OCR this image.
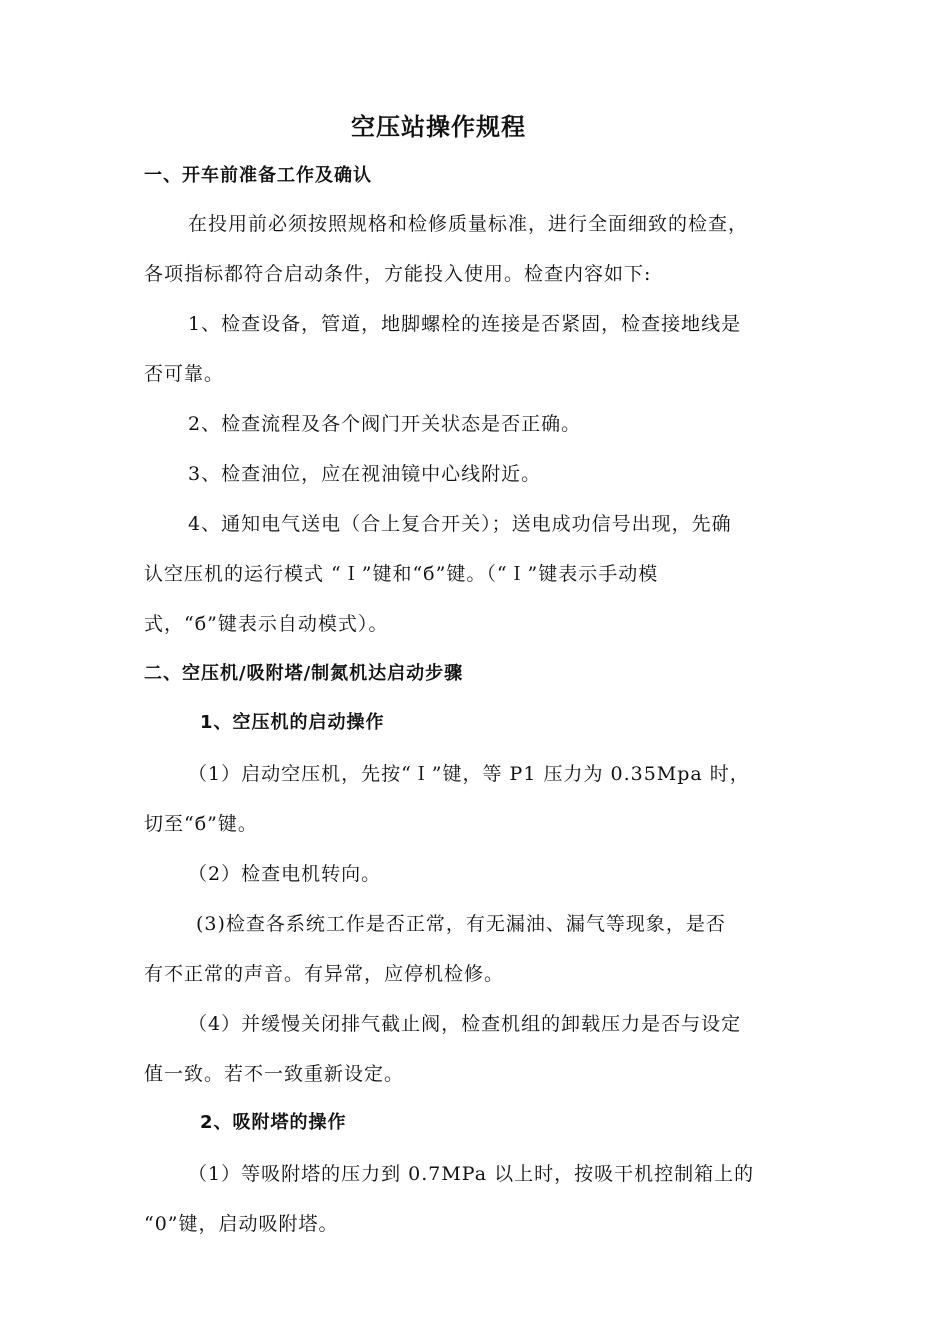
空压站操作规程
一、开车前准备工作及确认
在投用前必须按照规格和检修质量标准，进行全面细致的检查，
各项指标都符合启动条件，方能投入使用。检查内容如下:
1、检查设备，管道，地脚螺栓的连接是否紧固，检查接地线是
否可靠。
2、检查流程及各个阀门开关状态是否正确。
3、检查油位，应在视油镜中心线附近。
4、通知电气送电（合上复合开关）；送电成功信号出现，先确
认空压机的运行模式 “Ｉ”键和“б”键。（“Ｉ”键表示手动模
式，“б”键表示自动模式）。
二、空压机/吸附塔/制氮机达启动步骤
1、空压机的启动操作
（1）启动空压机，先按“Ｉ”键，等 P1 压力为 0.35Mpa 时，
切至“б”键。
（2）检查电机转向。
(3)检查各系统工作是否正常，有无漏油、漏气等现象，是否
有不正常的声音。有异常，应停机检修。
（4）并缓慢关闭排气截止阀，检查机组的卸载压力是否与设定
值一致。若不一致重新设定。
2、吸附塔的操作
（1）等吸附塔的压力到 0.7MPa 以上时，按吸干机控制箱上的
“0”键，启动吸附塔。
